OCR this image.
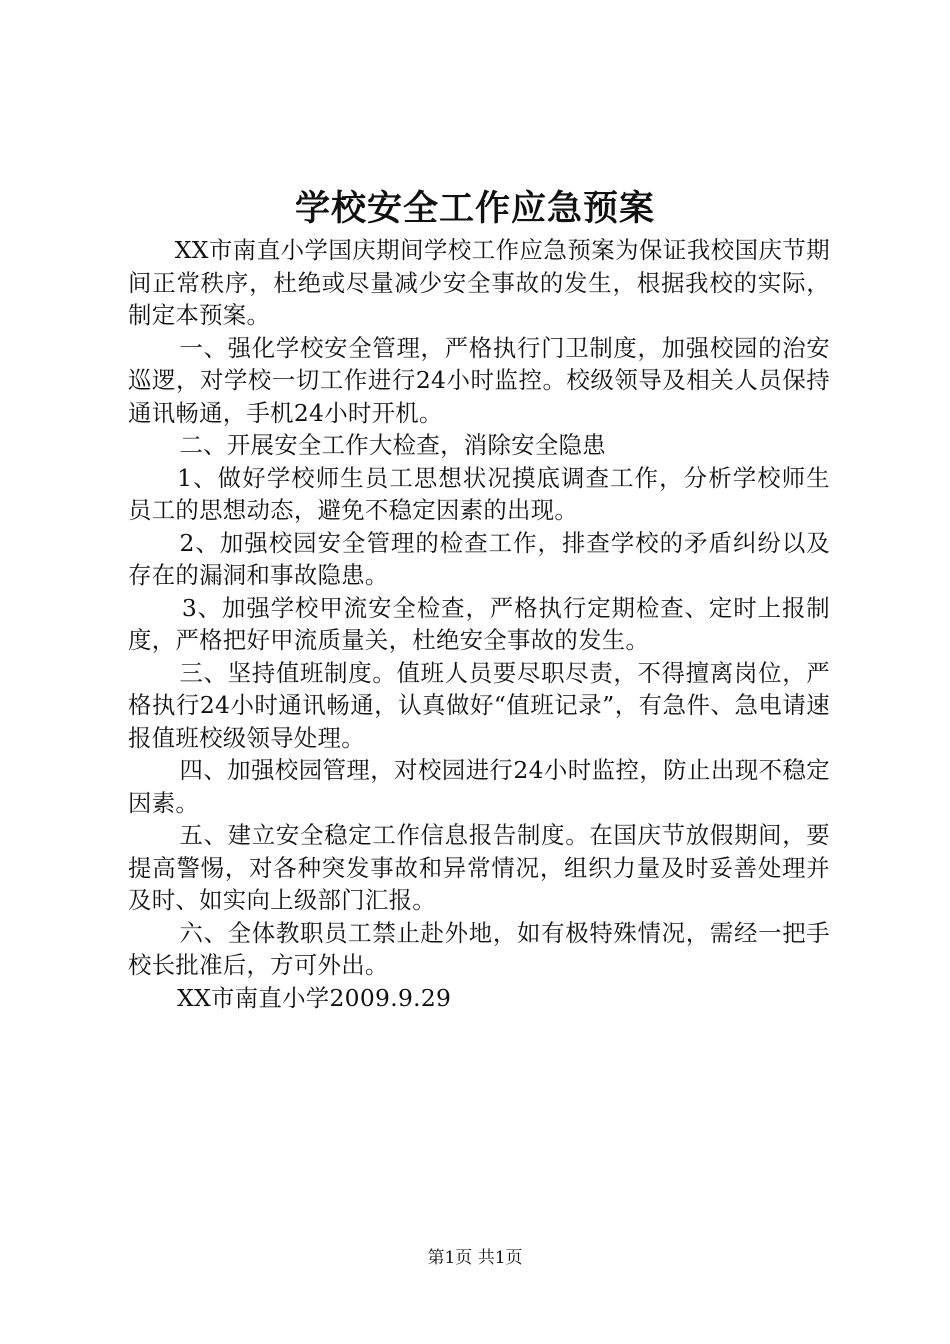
学校安全工作应急预案

XX市南直小学国庆期间学校工作应急预案为保证我校国庆节期间正常秩序，杜绝或尽量减少安全事故的发生，根据我校的实际，制定本预案。

一、强化学校安全管理，严格执行门卫制度，加强校园的治安巡逻，对学校一切工作进行24小时监控。校级领导及相关人员保持通讯畅通，手机24小时开机。

二、开展安全工作大检查，消除安全隐患

1、做好学校师生员工思想状况摸底调查工作，分析学校师生员工的思想动态，避免不稳定因素的出现。

2、加强校园安全管理的检查工作，排查学校的矛盾纠纷以及存在的漏洞和事故隐患。

3、加强学校甲流安全检查，严格执行定期检查、定时上报制度，严格把好甲流质量关，杜绝安全事故的发生。

三、坚持值班制度。值班人员要尽职尽责，不得擅离岗位，严格执行24小时通讯畅通，认真做好“值班记录”，有急件、急电请速报值班校级领导处理。

四、加强校园管理，对校园进行24小时监控，防止出现不稳定因素。

五、建立安全稳定工作信息报告制度。在国庆节放假期间，要提高警惕，对各种突发事故和异常情况，组织力量及时妥善处理并及时、如实向上级部门汇报。

六、全体教职员工禁止赴外地，如有极特殊情况，需经一把手校长批准后，方可外出。

XX市南直小学2009.9.29

第1页 共1页
